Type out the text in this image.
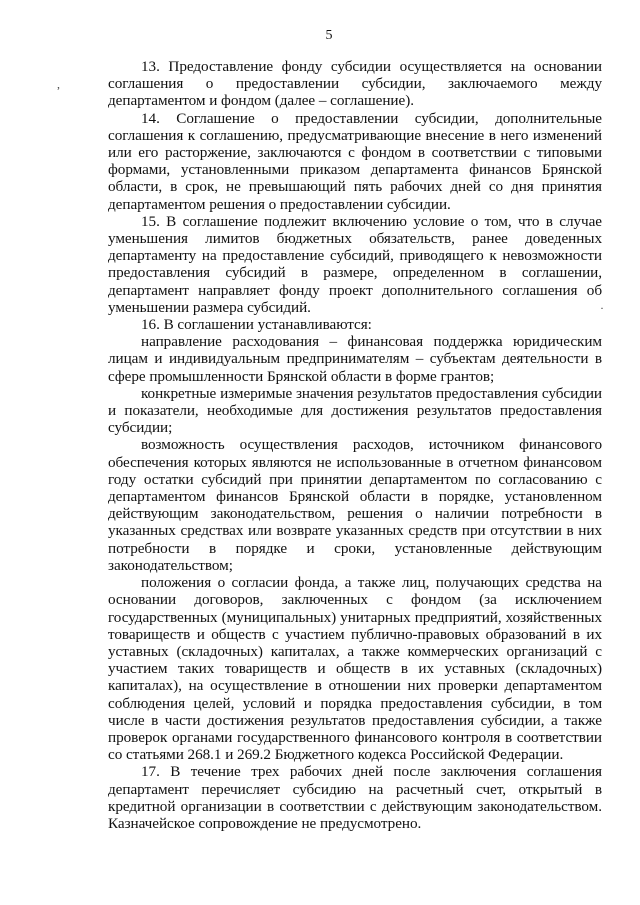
5

13. Предоставление фонду субсидии осуществляется на основании соглашения о предоставлении субсидии, заключаемого между департаментом и фондом (далее – соглашение).

14. Соглашение о предоставлении субсидии, дополнительные соглашения к соглашению, предусматривающие внесение в него изменений или его расторжение, заключаются с фондом в соответствии с типовыми формами, установленными приказом департамента финансов Брянской области, в срок, не превышающий пять рабочих дней со дня принятия департаментом решения о предоставлении субсидии.

15. В соглашение подлежит включению условие о том, что в случае уменьшения лимитов бюджетных обязательств, ранее доведенных департаменту на предоставление субсидий, приводящего к невозможности предоставления субсидий в размере, определенном в соглашении, департамент направляет фонду проект дополнительного соглашения об уменьшении размера субсидий.

16. В соглашении устанавливаются:

направление расходования – финансовая поддержка юридическим лицам и индивидуальным предпринимателям – субъектам деятельности в сфере промышленности Брянской области в форме грантов;

конкретные измеримые значения результатов предоставления субсидии и показатели, необходимые для достижения результатов предоставления субсидии;

возможность осуществления расходов, источником финансового обеспечения которых являются не использованные в отчетном финансовом году остатки субсидий при принятии департаментом по согласованию с департаментом финансов Брянской области в порядке, установленном действующим законодательством, решения о наличии потребности в указанных средствах или возврате указанных средств при отсутствии в них потребности в порядке и сроки, установленные действующим законодательством;

положения о согласии фонда, а также лиц, получающих средства на основании договоров, заключенных с фондом (за исключением государственных (муниципальных) унитарных предприятий, хозяйственных товариществ и обществ с участием публично-правовых образований в их уставных (складочных) капиталах, а также коммерческих организаций с участием таких товариществ и обществ в их уставных (складочных) капиталах), на осуществление в отношении них проверки департаментом соблюдения целей, условий и порядка предоставления субсидии, в том числе в части достижения результатов предоставления субсидии, а также проверок органами государственного финансового контроля в соответствии со статьями 268.1 и 269.2 Бюджетного кодекса Российской Федерации.

17. В течение трех рабочих дней после заключения соглашения департамент перечисляет субсидию на расчетный счет, открытый в кредитной организации в соответствии с действующим законодательством. Казначейское сопровождение не предусмотрено.

,
·
